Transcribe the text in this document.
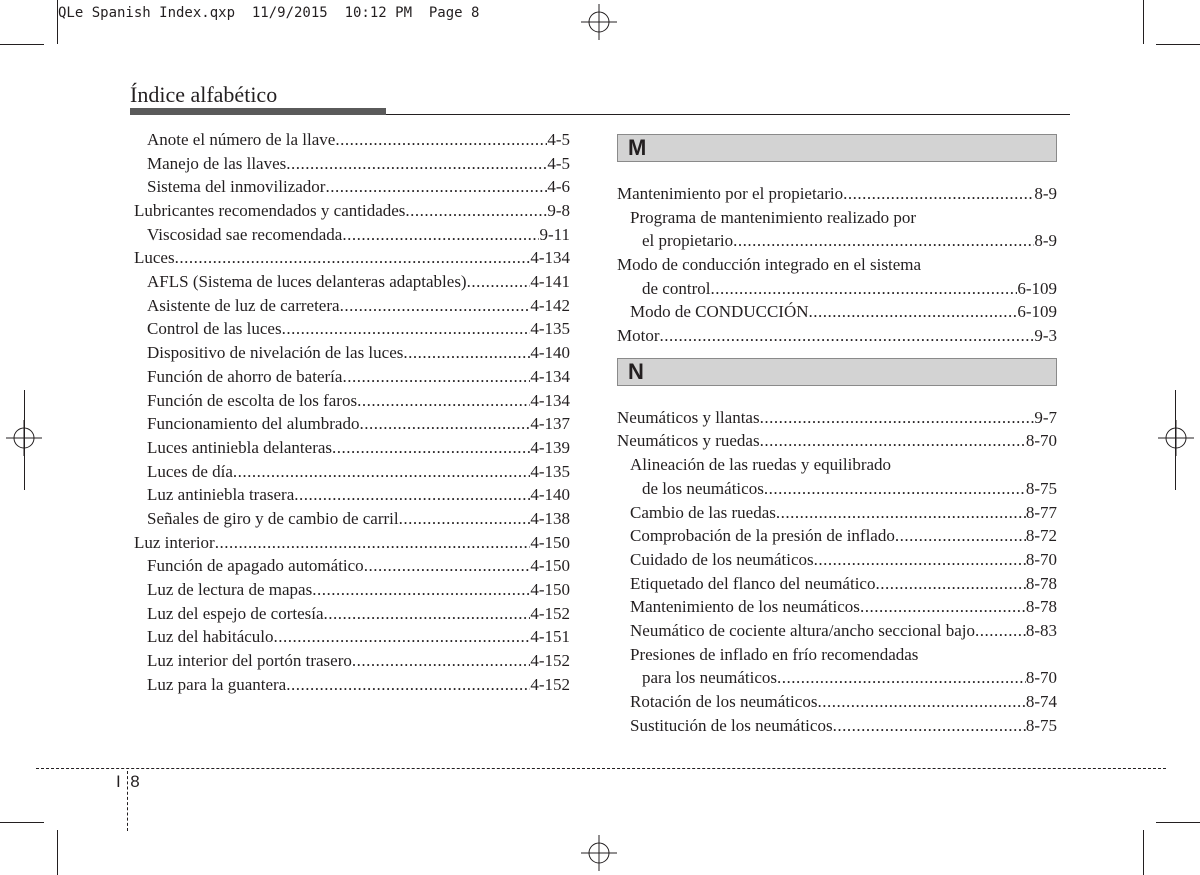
QLe Spanish Index.qxp  11/9/2015  10:12 PM  Page 8
Índice alfabético
Anote el número de la llave .....	4-5
Manejo de las llaves .....	4-5
Sistema del inmovilizador .....	4-6
Lubricantes recomendados y cantidades .....	9-8
Viscosidad sae recomendada .....	9-11
Luces .....	4-134
AFLS (Sistema de luces delanteras adaptables) .....	4-141
Asistente de luz de carretera .....	4-142
Control de las luces .....	4-135
Dispositivo de nivelación de las luces .....	4-140
Función de ahorro de batería .....	4-134
Función de escolta de los faros .....	4-134
Funcionamiento del alumbrado .....	4-137
Luces antiniebla delanteras .....	4-139
Luces de día .....	4-135
Luz antiniebla trasera .....	4-140
Señales de giro y de cambio de carril .....	4-138
Luz interior .....	4-150
Función de apagado automático .....	4-150
Luz de lectura de mapas .....	4-150
Luz del espejo de cortesía .....	4-152
Luz del habitáculo .....	4-151
Luz interior del portón trasero .....	4-152
Luz para la guantera .....	4-152
M
Mantenimiento por el propietario .....	8-9
Programa de mantenimiento realizado por
el propietario .....	8-9
Modo de conducción integrado en el sistema
de control .....	6-109
Modo de CONDUCCIÓN .....	6-109
Motor .....	9-3
N
Neumáticos y llantas .....	9-7
Neumáticos y ruedas .....	8-70
Alineación de las ruedas y equilibrado
de los neumáticos .....	8-75
Cambio de las ruedas .....	8-77
Comprobación de la presión de inflado .....	8-72
Cuidado de los neumáticos .....	8-70
Etiquetado del flanco del neumático .....	8-78
Mantenimiento de los neumáticos .....	8-78
Neumático de cociente altura/ancho seccional bajo .....	8-83
Presiones de inflado en frío recomendadas
para los neumáticos .....	8-70
Rotación de los neumáticos .....	8-74
Sustitución de los neumáticos .....	8-75
I 8
